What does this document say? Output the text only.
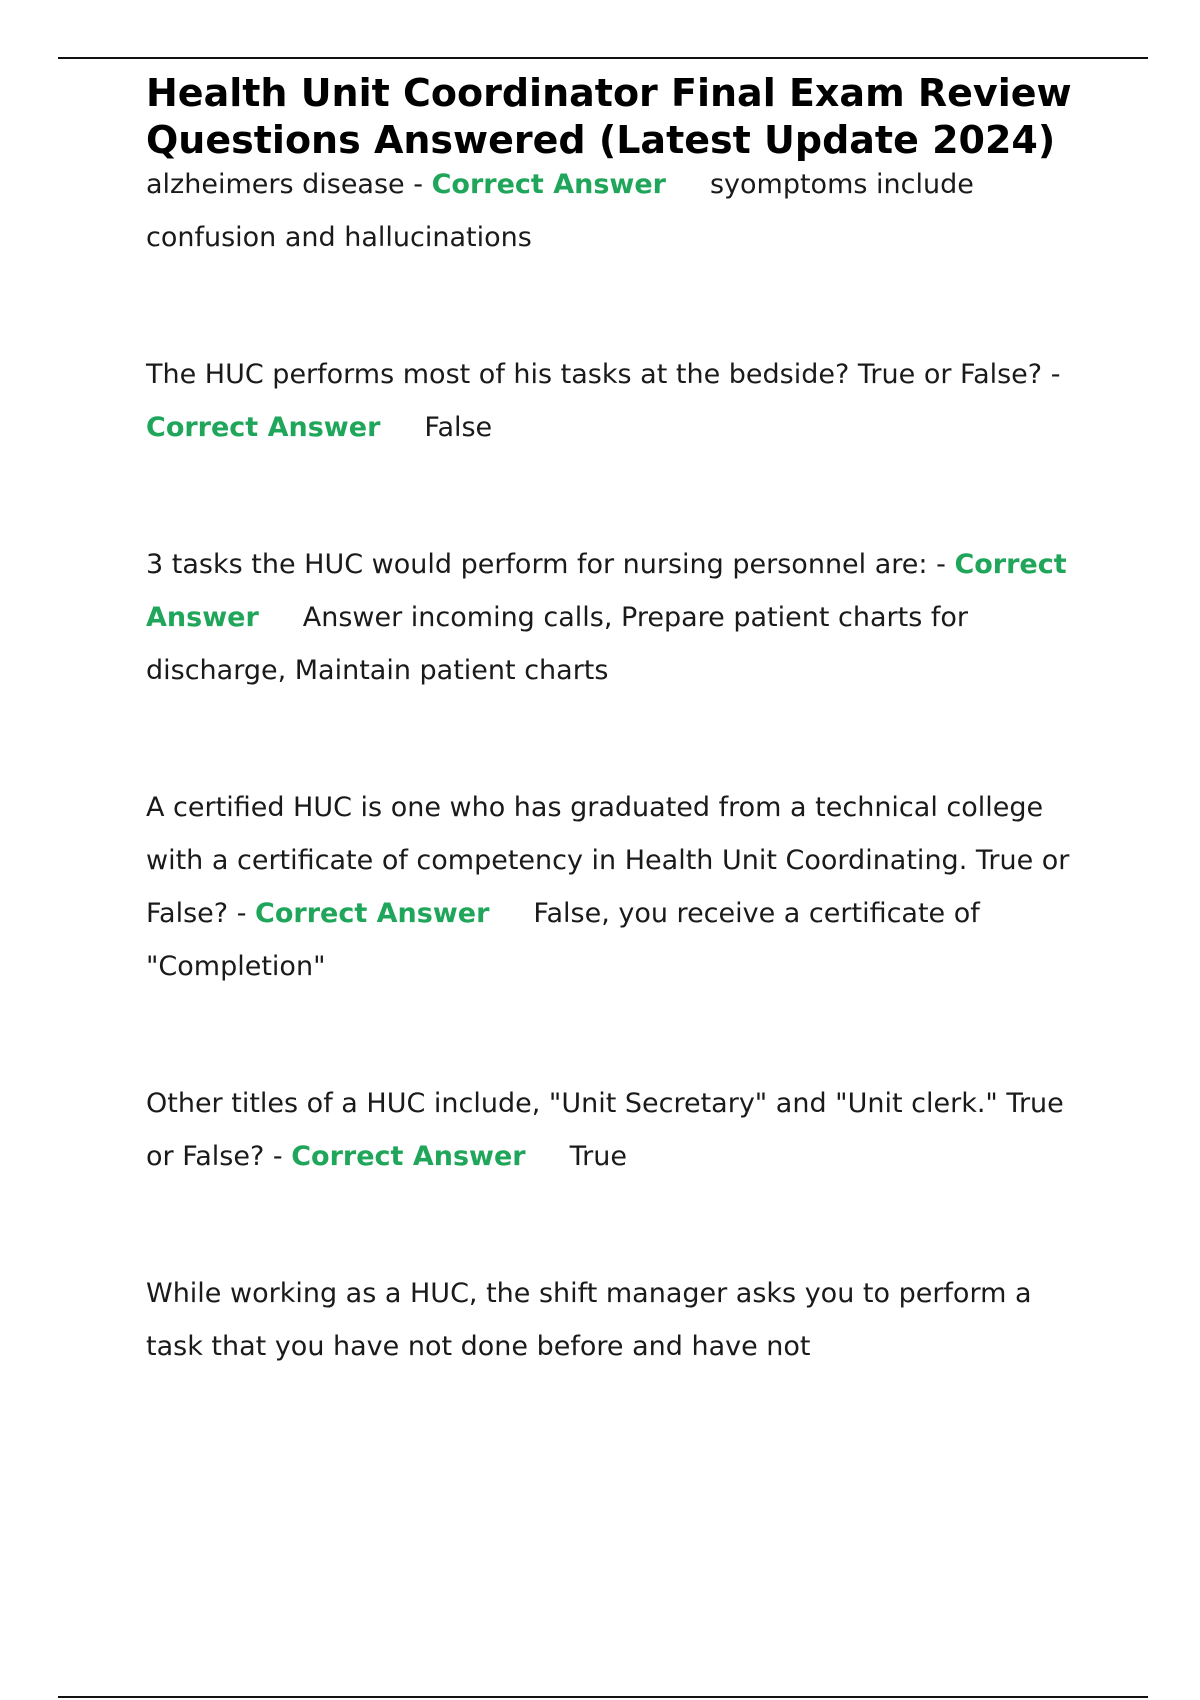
Health Unit Coordinator Final Exam Review Questions Answered (Latest Update 2024)

alzheimers disease - Correct Answer syomptoms include confusion and hallucinations

The HUC performs most of his tasks at the bedside? True or False? - Correct Answer False

3 tasks the HUC would perform for nursing personnel are: - Correct Answer Answer incoming calls, Prepare patient charts for discharge, Maintain patient charts

A certified HUC is one who has graduated from a technical college with a certificate of competency in Health Unit Coordinating. True or False? - Correct Answer False, you receive a certificate of "Completion"

Other titles of a HUC include, "Unit Secretary" and "Unit clerk." True or False? - Correct Answer True

While working as a HUC, the shift manager asks you to perform a task that you have not done before and have not
